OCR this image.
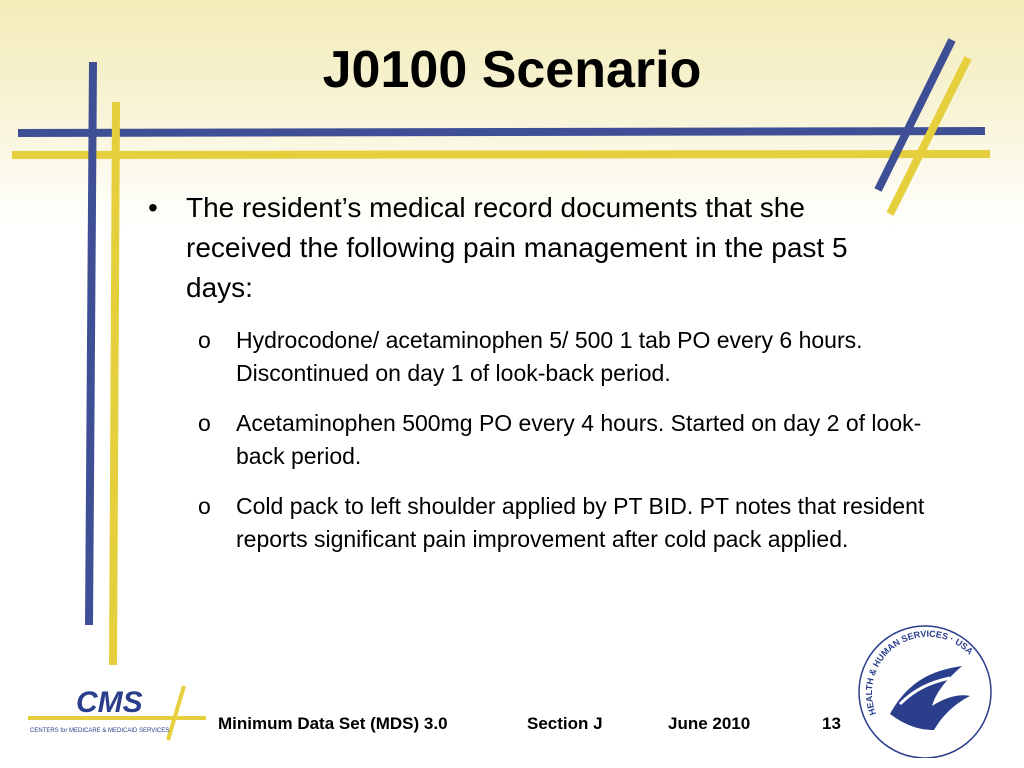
J0100 Scenario
•	The resident’s medical record documents that she received the following pain management in the past 5 days:
o	Hydrocodone/ acetaminophen 5/ 500 1 tab PO every 6 hours. Discontinued on day 1 of look-back period.
o	Acetaminophen 500mg PO every 4 hours. Started on day 2 of look-back period.
o	Cold pack to left shoulder applied by PT BID. PT notes that resident reports significant pain improvement after cold pack applied.
CMS
CENTERS for MEDICARE & MEDICAID SERVICES	Minimum Data Set (MDS) 3.0	Section J	June 2010	13
HEALTH & HUMAN SERVICES · USA
